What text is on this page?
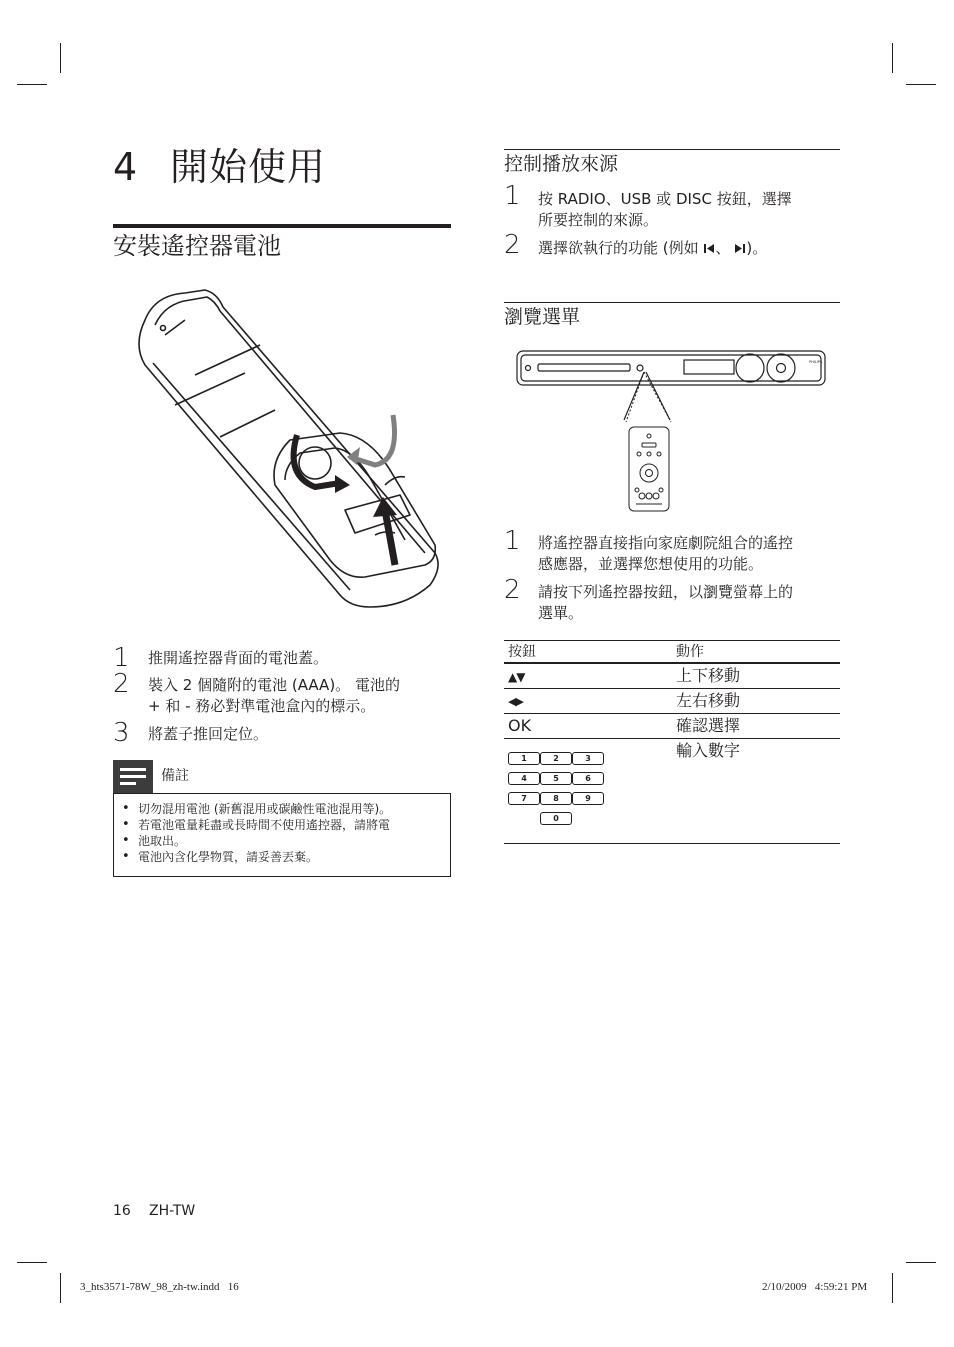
4 開始使用
安裝遙控器電池
1 推開遙控器背面的電池蓋。
2 裝入 2 個隨附的電池 (AAA)。 電池的
+ 和 - 務必對準電池盒內的標示。
3 將蓋子推回定位。
備註
• 切勿混用電池 (新舊混用或碳鹼性電池混用等)。
• 若電池電量耗盡或長時間不使用遙控器，請將電
• 池取出。
• 電池內含化學物質，請妥善丟棄。
控制播放來源
1 按 RADIO、USB 或 DISC 按鈕，選擇
所要控制的來源。
2 選擇欲執行的功能 (例如 、 )。
瀏覽選單
PHILIPS
1 將遙控器直接指向家庭劇院組合的遙控
感應器，並選擇您想使用的功能。
2 請按下列遙控器按鈕，以瀏覽螢幕上的
選單。
按鈕	動作
▲▼	上下移動
◀▶	左右移動
OK	確認選擇
輸入數字
1	2	3
4	5	6
7	8	9
0
16 ZH-TW
3_hts3571-78W_98_zh-tw.indd   16	2/10/2009   4:59:21 PM
